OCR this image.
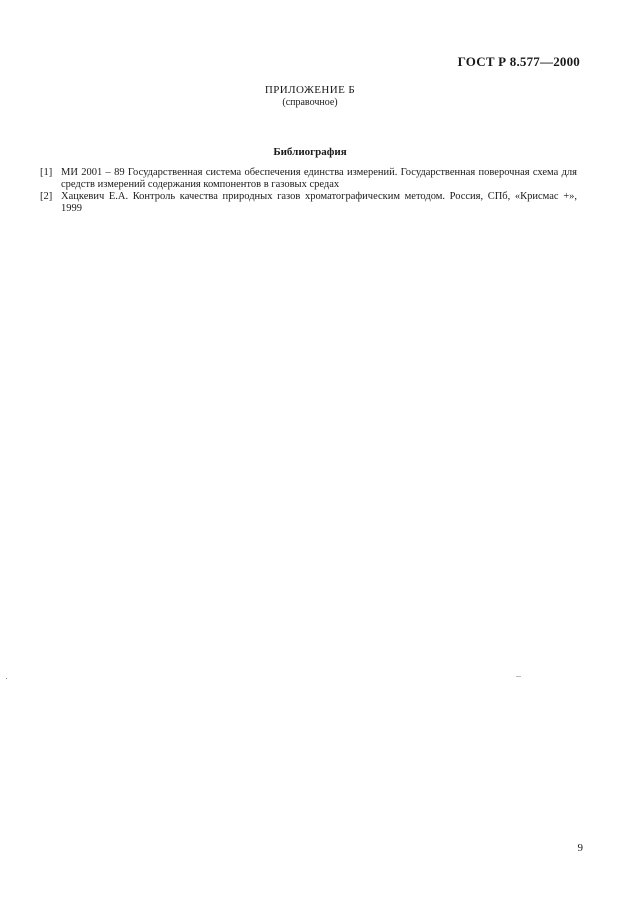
ГОСТ Р 8.577—2000
ПРИЛОЖЕНИЕ Б
(справочное)
Библиография
[1] МИ 2001 – 89 Государственная система обеспечения единства измерений. Государственная поверочная схема для средств измерений содержания компонентов в газовых средах
[2] Хацкевич Е.А. Контроль качества природных газов хроматографическим методом. Россия, СПб, «Крисмас +», 1999
9
